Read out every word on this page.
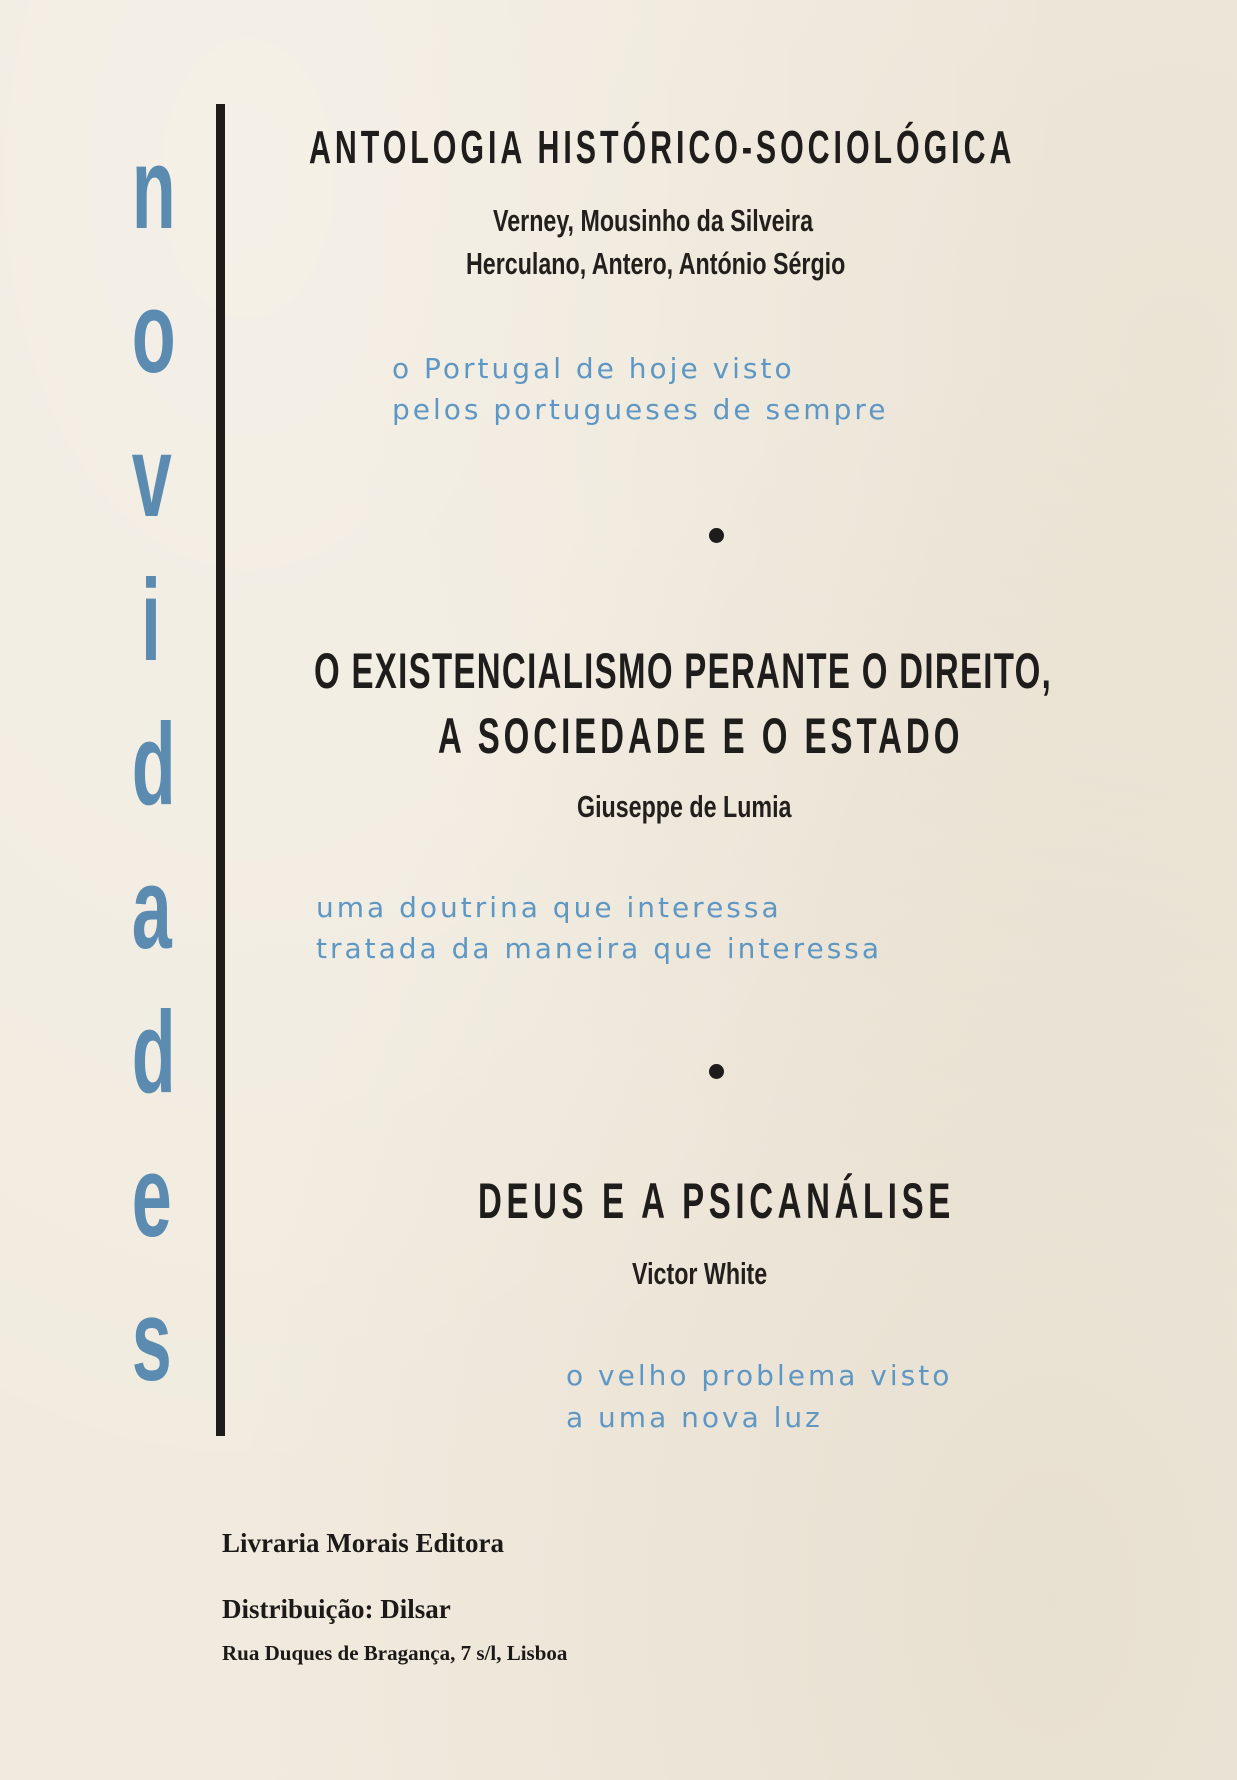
n
o
v
i
d
a
d
e
s
ANTOLOGIA HISTÓRICO-SOCIOLÓGICA

Verney, Mousinho da Silveira

Herculano, Antero, António Sérgio

o Portugal de hoje visto

pelos portugueses de sempre

O EXISTENCIALISMO PERANTE O DIREITO,
A SOCIEDADE E O ESTADO

Giuseppe de Lumia

uma doutrina que interessa

tratada da maneira que interessa

DEUS E A PSICANÁLISE

Victor White

o velho problema visto

a uma nova luz

Livraria Morais Editora

Distribuição: Dilsar

Rua Duques de Bragança, 7 s/l, Lisboa
